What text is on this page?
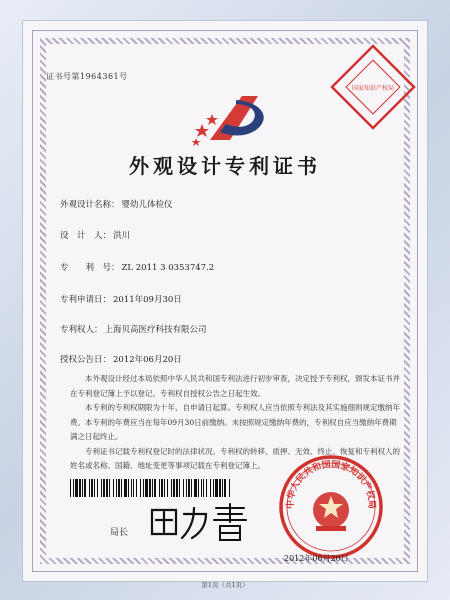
证书号第1964361号
国家知识产权局
外观设计专利证书
外观设计名称： 婴幼儿体检仪
设　计　人： 洪川
专　　利　号： ZL 2011 3 0353747.2
专利申请日： 2011年09月30日
专利权人： 上海贝高医疗科技有限公司
授权公告日： 2012年06月20日

本外观设计经过本局依照中华人民共和国专利法进行初步审查，决定授予专利权，颁发本证书并在专利登记簿上予以登记。专利权自授权公告之日起生效。

本专利的专利权期限为十年，自申请日起算。专利权人应当依照专利法及其实施细则规定缴纳年费。本专利的年费应当在每年09月30日前缴纳。未按照规定缴纳年费的，专利权自应当缴纳年费期满之日起终止。

专利证书记载专利权登记时的法律状况。专利权的转移、质押、无效、终止、恢复和专利权人的姓名或名称、国籍、地址变更等事项记载在专利登记簿上。

局长
中华人民共和国国家知识产权局
2012年06月20日
第1页（共1页）
